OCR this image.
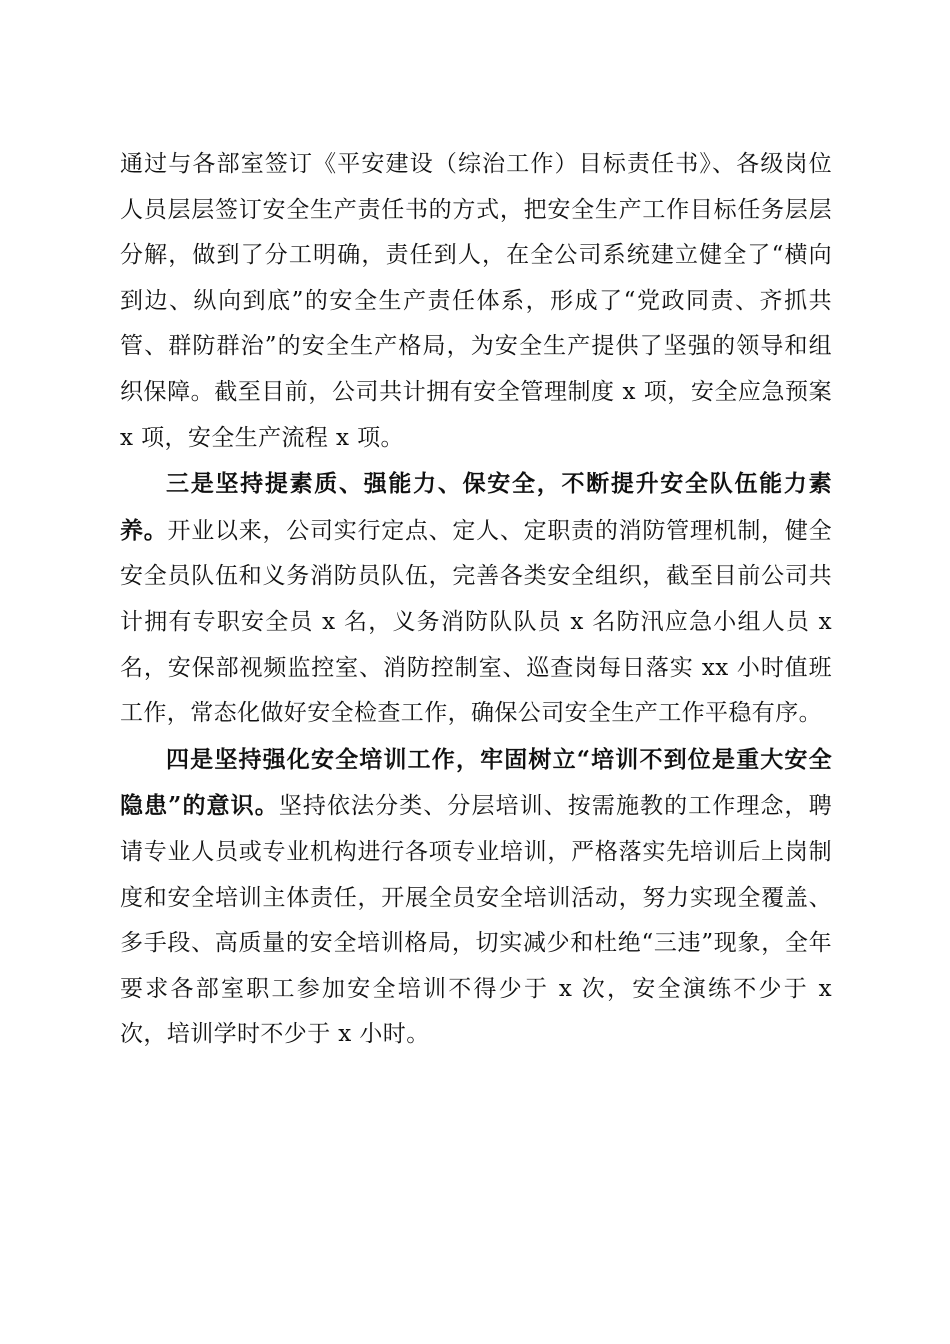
通过与各部室签订《平安建设（综治工作）目标责任书》、各级岗位人员层层签订安全生产责任书的方式，把安全生产工作目标任务层层分解，做到了分工明确，责任到人，在全公司系统建立健全了“横向到边、纵向到底”的安全生产责任体系，形成了“党政同责、齐抓共管、群防群治”的安全生产格局，为安全生产提供了坚强的领导和组织保障。截至目前，公司共计拥有安全管理制度 x 项，安全应急预案 x 项，安全生产流程 x 项。

三是坚持提素质、强能力、保安全，不断提升安全队伍能力素养。开业以来，公司实行定点、定人、定职责的消防管理机制，健全安全员队伍和义务消防员队伍，完善各类安全组织，截至目前公司共计拥有专职安全员 x 名，义务消防队队员 x 名防汛应急小组人员 x 名，安保部视频监控室、消防控制室、巡查岗每日落实 xx 小时值班工作，常态化做好安全检查工作，确保公司安全生产工作平稳有序。

四是坚持强化安全培训工作，牢固树立“培训不到位是重大安全隐患”的意识。坚持依法分类、分层培训、按需施教的工作理念，聘请专业人员或专业机构进行各项专业培训，严格落实先培训后上岗制度和安全培训主体责任，开展全员安全培训活动，努力实现全覆盖、多手段、高质量的安全培训格局，切实减少和杜绝“三违”现象，全年要求各部室职工参加安全培训不得少于 x 次，安全演练不少于 x 次，培训学时不少于 x 小时。
